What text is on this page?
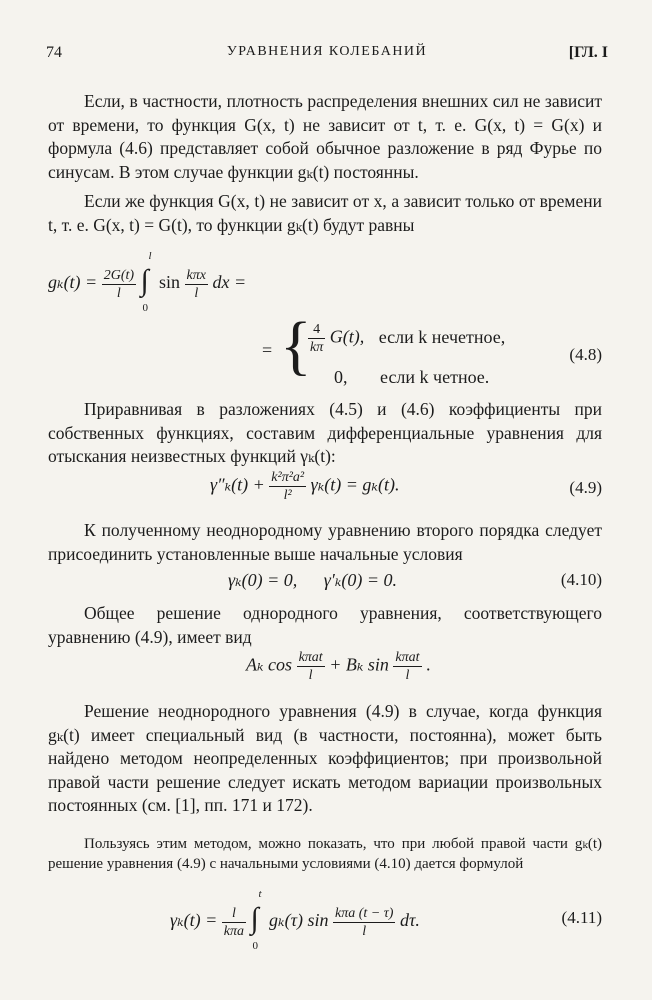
74	УРАВНЕНИЯ КОЛЕБАНИЙ	[ГЛ. I
Если, в частности, плотность распределения внешних сил не зависит от времени, то функция G(x, t) не зависит от t, т. е. G(x, t) = G(x) и формула (4.6) представляет собой обычное разложение в ряд Фурье по синусам. В этом случае функции gₖ(t) постоянны.
Если же функция G(x, t) не зависит от x, а зависит только от времени t, т. е. G(x, t) = G(t), то функции gₖ(t) будут равны
$g_k(t) = \frac{2G(t)}{l}$
∫
l
0
$\sin \frac{\text{kπx}}{l}$ dx =
= {
$\frac{4}{k\pi} G(t)$, если k нечетное,
0, если k четное.
(4.8)
Приравнивая в разложениях (4.5) и (4.6) коэффициенты при собственных функциях, составим дифференциальные уравнения для отыскания неизвестных функций γₖ(t):
$\gamma''_k(t) + \frac{\text{k²π²a²}}{\text{l²}} \gamma_k(t) = g_k(t)$.	(4.9)
К полученному неоднородному уравнению второго порядка следует присоединить установленные выше начальные условия
γₖ(0) = 0, γ′ₖ(0) = 0.	(4.10)
Общее решение однородного уравнения, соответствующего уравнению (4.9), имеет вид
Aₖ $\cos \frac{\text{kπat}}{l} + B_k$ $\sin \frac{\text{kπat}}{l}$ .
Решение неоднородного уравнения (4.9) в случае, когда функция gₖ(t) имеет специальный вид (в частности, постоянна), может быть найдено методом неопределенных коэффициентов; при произвольной правой части решение следует искать методом вариации произвольных постоянных (см. [1], пп. 171 и 172).
Пользуясь этим методом, можно показать, что при любой правой части gₖ(t) решение уравнения (4.9) с начальными условиями (4.10) дается формулой
$\gamma_k(t) = \frac{l}{\text{kπa}}$
∫
t
0
gₖ(τ) $\sin \frac{\text{kπa (t − τ)}}{l} d\tau$.	(4.11)
